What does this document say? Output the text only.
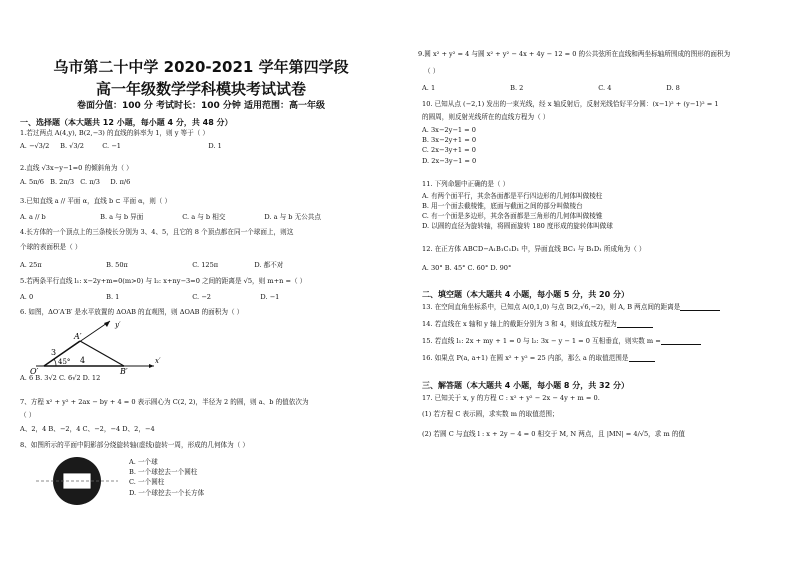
乌市第二十中学 2020-2021 学年第四学段
高一年级数学学科模块考试试卷
卷面分值：100 分 考试时长：100 分钟 适用范围：高一年级
一、选择题（本大题共 12 小题，每小题 4 分，共 48 分）
1.若过两点 A(4,y), B(2,−3) 的直线的斜率为 1，则 y 等于（ ）
A. −√3/2 B. √3/2	C. −1	D. 1
2.直线 √3x−y−1=0 的倾斜角为（ ）
A. 5π/6 B. 2π/3 C. π/3 D. π/6
3.已知直线 a // 平面 α，直线 b ⊂ 平面 α，则（ ）
A. a // b	B. a 与 b 异面	C. a 与 b 相交	D. a 与 b 无公共点
4.长方体的一个顶点上的三条棱长分别为 3、4、5，且它的 8 个顶点都在同一个球面上，则这
个球的表面积是（ ）
A. 25π	B. 50π	C. 125π	D. 都不对
5.若两条平行直线 l₁: x−2y+m=0(m>0) 与 l₂: x+ny−3=0 之间的距离是 √5，则 m+n =（ ）
A. 0	B. 1	C. −2	D. −1
6. 如图，ΔO′A′B′ 是水平放置的 ΔOAB 的直观图，则 ΔOAB 的面积为（ ）
A′
y′
3
45° 4
O′	B′
x′
A. 6 B. 3√2 C. 6√2 D. 12
7、方程 x² + y² + 2ax − by + 4 = 0 表示圆心为 C(2, 2)，半径为 2 的圆，则 a、b 的值依次为
（ ）
A、2，4 B、−2，4 C、−2，−4 D、2，−4
8、如图所示的平面中阴影部分绕旋转轴(虚线)旋转一周，形成的几何体为（ ）
A. 一个球
B. 一个球挖去一个圆柱
C. 一个圆柱
D. 一个球挖去一个长方体
9.圆 x² + y² = 4 与圆 x² + y² − 4x + 4y − 12 = 0 的公共弦所在直线和两坐标轴所围成的图形的面积为
（ ）
A. 1	B. 2	C. 4	D. 8
10. 已知从点 (−2,1) 发出的一束光线，经 x 轴反射后，反射光线恰好平分圆：(x−1)² + (y−1)² = 1
的圆周，则反射光线所在的直线方程为（ ）
A. 3x−2y−1 = 0
B. 3x−2y+1 = 0
C. 2x−3y+1 = 0
D. 2x−3y−1 = 0
11. 下列命题中正确的是（ ）
A. 有两个面平行，其余各面都是平行四边形的几何体叫做棱柱
B. 用一个面去截棱锥，底面与截面之间的部分叫做棱台
C. 有一个面是多边形，其余各面都是三角形的几何体叫做棱锥
D. 以圆的直径为旋转轴，将圆面旋转 180 度形成的旋转体叫做球
12. 在正方体 ABCD−A₁B₁C₁D₁ 中，异面直线 BC₁ 与 B₁D₁ 所成角为（ ）
A. 30° B. 45° C. 60° D. 90°
二、填空题（本大题共 4 小题，每小题 5 分，共 20 分）
13. 在空间直角坐标系中，已知点 A(0,1,0) 与点 B(2,√6,−2)，则 A, B 两点间的距离是
14. 若直线在 x 轴和 y 轴上的截距分别为 3 和 4，则该直线方程为
15. 若直线 l₁: 2x + my + 1 = 0 与 l₂: 3x − y − 1 = 0 互相垂直，则实数 m =
16. 如果点 P(a, a+1) 在圆 x² + y² = 25 内部，那么 a 的取值范围是
三、解答题（本大题共 4 小题，每小题 8 分，共 32 分）
17. 已知关于 x, y 的方程 C : x² + y² − 2x − 4y + m = 0.
(1) 若方程 C 表示圆，求实数 m 的取值范围；
(2) 若圆 C 与直线 l : x + 2y − 4 = 0 相交于 M, N 两点，且 |MN| = 4/√5，求 m 的值
